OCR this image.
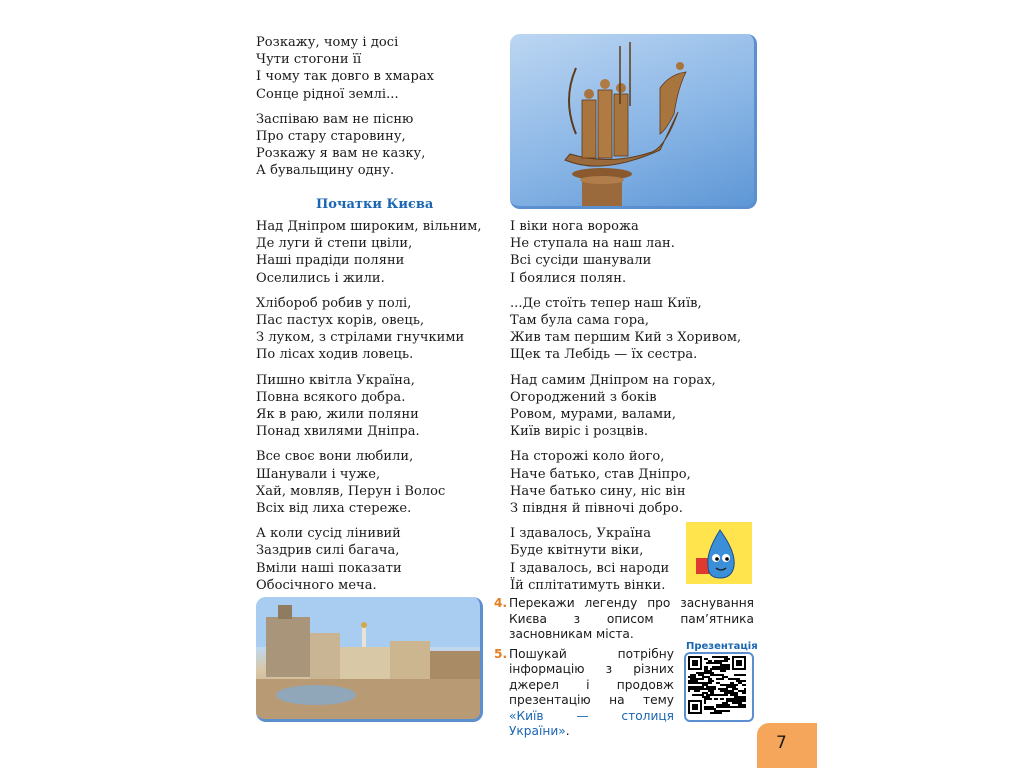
Розкажу, чому і досі
Чути стогони її
І чому так довго в хмарах
Сонце рідної землі...
Заспіваю вам не пісню
Про стару старовину,
Розкажу я вам не казку,
А бувальщину одну.
Початки Києва
Над Дніпром широким, вільним,
Де луги й степи цвіли,
Наші прадіди поляни
Оселились і жили.
Хлібороб робив у полі,
Пас пастух корів, овець,
З луком, з стрілами гнучкими
По лісах ходив ловець.
Пишно квітла Україна,
Повна всякого добра.
Як в раю, жили поляни
Понад хвилями Дніпра.
Все своє вони любили,
Шанували і чуже,
Хай, мовляв, Перун і Волос
Всіх від лиха стереже.
А коли сусід лінивий
Заздрив силі багача,
Вміли наші показати
Обосічного меча.
І віки нога ворожа
Не ступала на наш лан.
Всі сусіди шанували
І боялися полян.
...Де стоїть тепер наш Київ,
Там була сама гора,
Жив там першим Кий з Хоривом,
Щек та Лебідь — їх сестра.
Над самим Дніпром на горах,
Огороджений з боків
Ровом, мурами, валами,
Київ виріс і розцвів.
На сторожі коло його,
Наче батько, став Дніпро,
Наче батько сину, ніс він
З півдня й півночі добро.
І здавалось, Україна
Буде квітнути віки,
І здавалось, всі народи
Їй сплітатимуть вінки.
4. Перекажи легенду про заснування Києва з описом пам’ятника засновникам міста.
5. Пошукай потрібну інформацію з різних джерел і продовж презентацію на тему «Київ — столиця України».
Презентація
7
